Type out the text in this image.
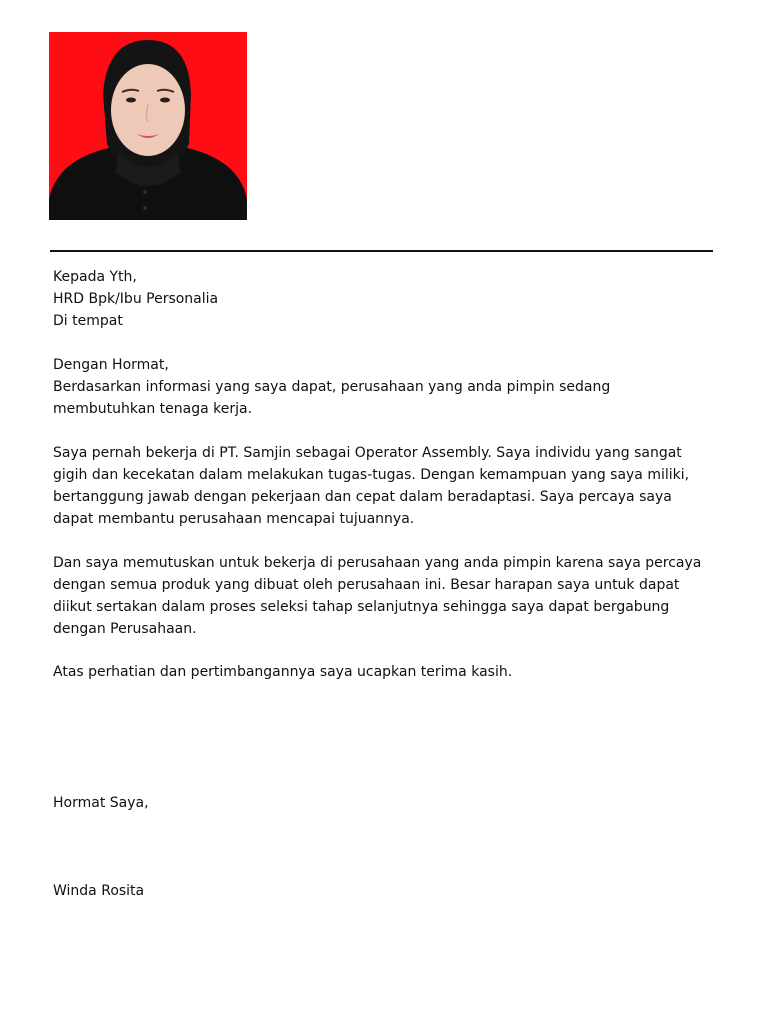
Kepada Yth,
HRD Bpk/Ibu Personalia
Di tempat
Dengan Hormat,
Berdasarkan informasi yang saya dapat, perusahaan yang anda pimpin sedang
membutuhkan tenaga kerja.
Saya pernah bekerja di PT. Samjin sebagai Operator Assembly. Saya individu yang sangat
gigih dan kecekatan dalam melakukan tugas-tugas. Dengan kemampuan yang saya miliki,
bertanggung jawab dengan pekerjaan dan cepat dalam beradaptasi. Saya percaya saya
dapat membantu perusahaan mencapai tujuannya.
Dan saya memutuskan untuk bekerja di perusahaan yang anda pimpin karena saya percaya
dengan semua produk yang dibuat oleh perusahaan ini. Besar harapan saya untuk dapat
diikut sertakan dalam proses seleksi tahap selanjutnya sehingga saya dapat bergabung
dengan Perusahaan.
Atas perhatian dan pertimbangannya saya ucapkan terima kasih.
Hormat Saya,
Winda Rosita
